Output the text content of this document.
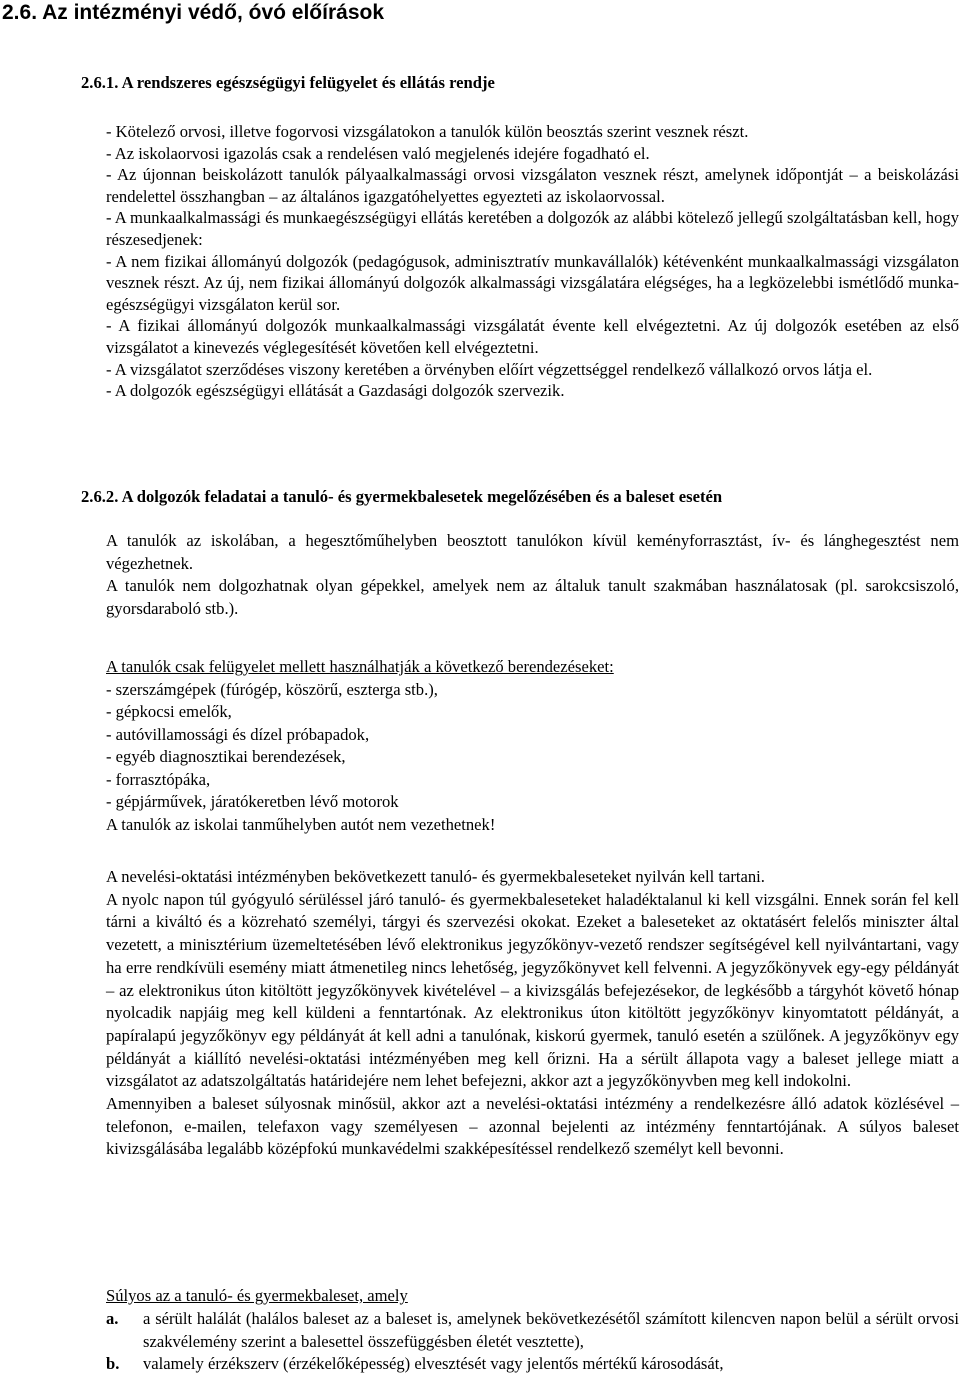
2.6. Az intézményi védő, óvó előírások
2.6.1. A rendszeres egészségügyi felügyelet és ellátás rendje

- Kötelező orvosi, illetve fogorvosi vizsgálatokon a tanulók külön beosztás szerint vesznek részt.

- Az iskolaorvosi igazolás csak a rendelésen való megjelenés idejére fogadható el.

- Az újonnan beiskolázott tanulók pályaalkalmassági orvosi vizsgálaton vesznek részt, amelynek időpontját – a beiskolázási rendelettel összhangban – az általános igazgatóhelyettes egyezteti az iskolaorvossal.

- A munkaalkalmassági és munkaegészségügyi ellátás keretében a dolgozók az alábbi kötelező jellegű szolgáltatásban kell, hogy részesedjenek:

- A nem fizikai állományú dolgozók (pedagógusok, adminisztratív munkavállalók) kétévenként munkaalkalmassági vizsgálaton vesznek részt. Az új, nem fizikai állományú dolgozók alkalmassági vizsgálatára elégséges, ha a legközelebbi ismétlődő munka-egészségügyi vizsgálaton kerül sor.

- A fizikai állományú dolgozók munkaalkalmassági vizsgálatát évente kell elvégeztetni. Az új dolgozók esetében az első vizsgálatot a kinevezés véglegesítését követően kell elvégeztetni.

- A vizsgálatot szerződéses viszony keretében a örvényben előírt végzettséggel rendelkező vállalkozó orvos látja el.

- A dolgozók egészségügyi ellátását a Gazdasági dolgozók szervezik.

2.6.2. A dolgozók feladatai a tanuló- és gyermekbalesetek megelőzésében és a baleset esetén

A tanulók az iskolában, a hegesztőműhelyben beosztott tanulókon kívül keményforrasztást, ív- és lánghegesztést nem végezhetnek.

A tanulók nem dolgozhatnak olyan gépekkel, amelyek nem az általuk tanult szakmában használatosak (pl. sarokcsiszoló, gyorsdaraboló stb.).

A tanulók csak felügyelet mellett használhatják a következő berendezéseket:

- szerszámgépek (fúrógép, köszörű, eszterga stb.),

- gépkocsi emelők,

- autóvillamossági és dízel próbapadok,

- egyéb diagnosztikai berendezések,

- forrasztópáka,

- gépjárművek, járatókeretben lévő motorok

A tanulók az iskolai tanműhelyben autót nem vezethetnek!

A nevelési-oktatási intézményben bekövetkezett tanuló- és gyermekbaleseteket nyilván kell tartani.

A nyolc napon túl gyógyuló sérüléssel járó tanuló- és gyermekbaleseteket haladéktalanul ki kell vizsgálni. Ennek során fel kell tárni a kiváltó és a közreható személyi, tárgyi és szervezési okokat. Ezeket a baleseteket az oktatásért felelős miniszter által vezetett, a minisztérium üzemeltetésében lévő elektronikus jegyzőkönyv-vezető rendszer segítségével kell nyilvántartani, vagy ha erre rendkívüli esemény miatt átmenetileg nincs lehetőség, jegyzőkönyvet kell felvenni. A jegyzőkönyvek egy-egy példányát – az elektronikus úton kitöltött jegyzőkönyvek kivételével – a kivizsgálás befejezésekor, de legkésőbb a tárgyhót követő hónap nyolcadik napjáig meg kell küldeni a fenntartónak. Az elektronikus úton kitöltött jegyzőkönyv kinyomtatott példányát, a papíralapú jegyzőkönyv egy példányát át kell adni a tanulónak, kiskorú gyermek, tanuló esetén a szülőnek. A jegyzőkönyv egy példányát a kiállító nevelési-oktatási intézményében meg kell őrizni. Ha a sérült állapota vagy a baleset jellege miatt a vizsgálatot az adatszolgáltatás határidejére nem lehet befejezni, akkor azt a jegyzőkönyvben meg kell indokolni.

Amennyiben a baleset súlyosnak minősül, akkor azt a nevelési-oktatási intézmény a rendelkezésre álló adatok közlésével – telefonon, e-mailen, telefaxon vagy személyesen – azonnal bejelenti az intézmény fenntartójának. A súlyos baleset kivizsgálásába legalább középfokú munkavédelmi szakképesítéssel rendelkező személyt kell bevonni.

Súlyos az a tanuló- és gyermekbaleset, amely
a. a sérült halálát (halálos baleset az a baleset is, amelynek bekövetkezésétől számított kilencven napon belül a sérült orvosi szakvélemény szerint a balesettel összefüggésben életét vesztette),
b. valamely érzékszerv (érzékelőképesség) elvesztését vagy jelentős mértékű károsodását,
